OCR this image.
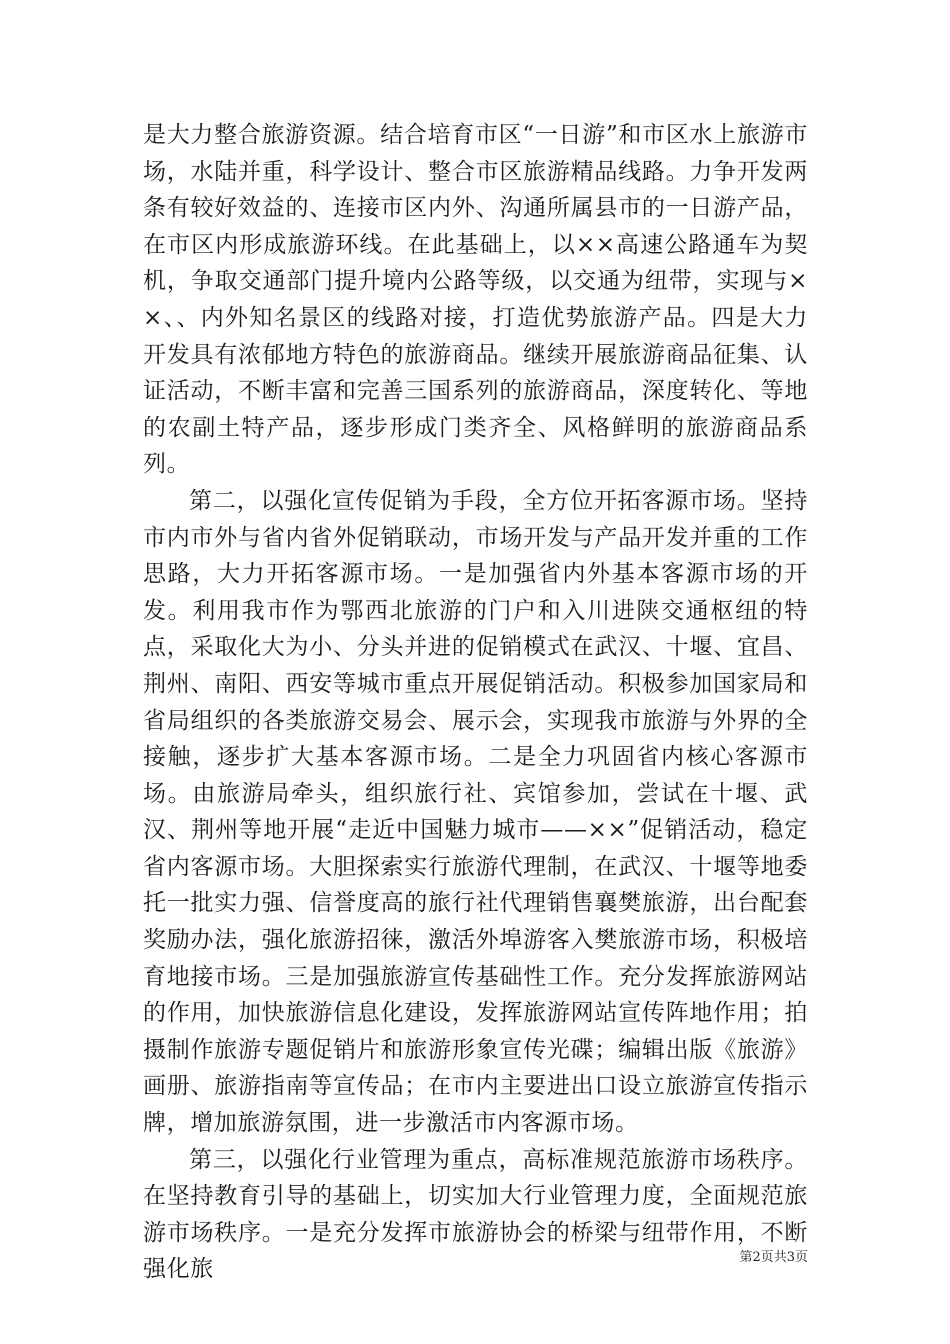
是大力整合旅游资源。结合培育市区“一日游”和市区水上旅游市场，水陆并重，科学设计、整合市区旅游精品线路。力争开发两条有较好效益的、连接市区内外、沟通所属县市的一日游产品，在市区内形成旅游环线。在此基础上，以××高速公路通车为契机，争取交通部门提升境内公路等级，以交通为纽带，实现与××、、内外知名景区的线路对接，打造优势旅游产品。四是大力开发具有浓郁地方特色的旅游商品。继续开展旅游商品征集、认证活动，不断丰富和完善三国系列的旅游商品，深度转化、等地的农副土特产品，逐步形成门类齐全、风格鲜明的旅游商品系列。

第二，以强化宣传促销为手段，全方位开拓客源市场。坚持市内市外与省内省外促销联动，市场开发与产品开发并重的工作思路，大力开拓客源市场。一是加强省内外基本客源市场的开发。利用我市作为鄂西北旅游的门户和入川进陕交通枢纽的特点，采取化大为小、分头并进的促销模式在武汉、十堰、宜昌、荆州、南阳、西安等城市重点开展促销活动。积极参加国家局和省局组织的各类旅游交易会、展示会，实现我市旅游与外界的全接触，逐步扩大基本客源市场。二是全力巩固省内核心客源市场。由旅游局牵头，组织旅行社、宾馆参加，尝试在十堰、武汉、荆州等地开展“走近中国魅力城市——××”促销活动，稳定省内客源市场。大胆探索实行旅游代理制，在武汉、十堰等地委托一批实力强、信誉度高的旅行社代理销售襄樊旅游，出台配套奖励办法，强化旅游招徕，激活外埠游客入樊旅游市场，积极培育地接市场。三是加强旅游宣传基础性工作。充分发挥旅游网站的作用，加快旅游信息化建设，发挥旅游网站宣传阵地作用；拍摄制作旅游专题促销片和旅游形象宣传光碟；编辑出版《旅游》画册、旅游指南等宣传品；在市内主要进出口设立旅游宣传指示牌，增加旅游氛围，进一步激活市内客源市场。

第三，以强化行业管理为重点，高标准规范旅游市场秩序。在坚持教育引导的基础上，切实加大行业管理力度，全面规范旅游市场秩序。一是充分发挥市旅游协会的桥梁与纽带作用，不断强化旅	第2页共3页
